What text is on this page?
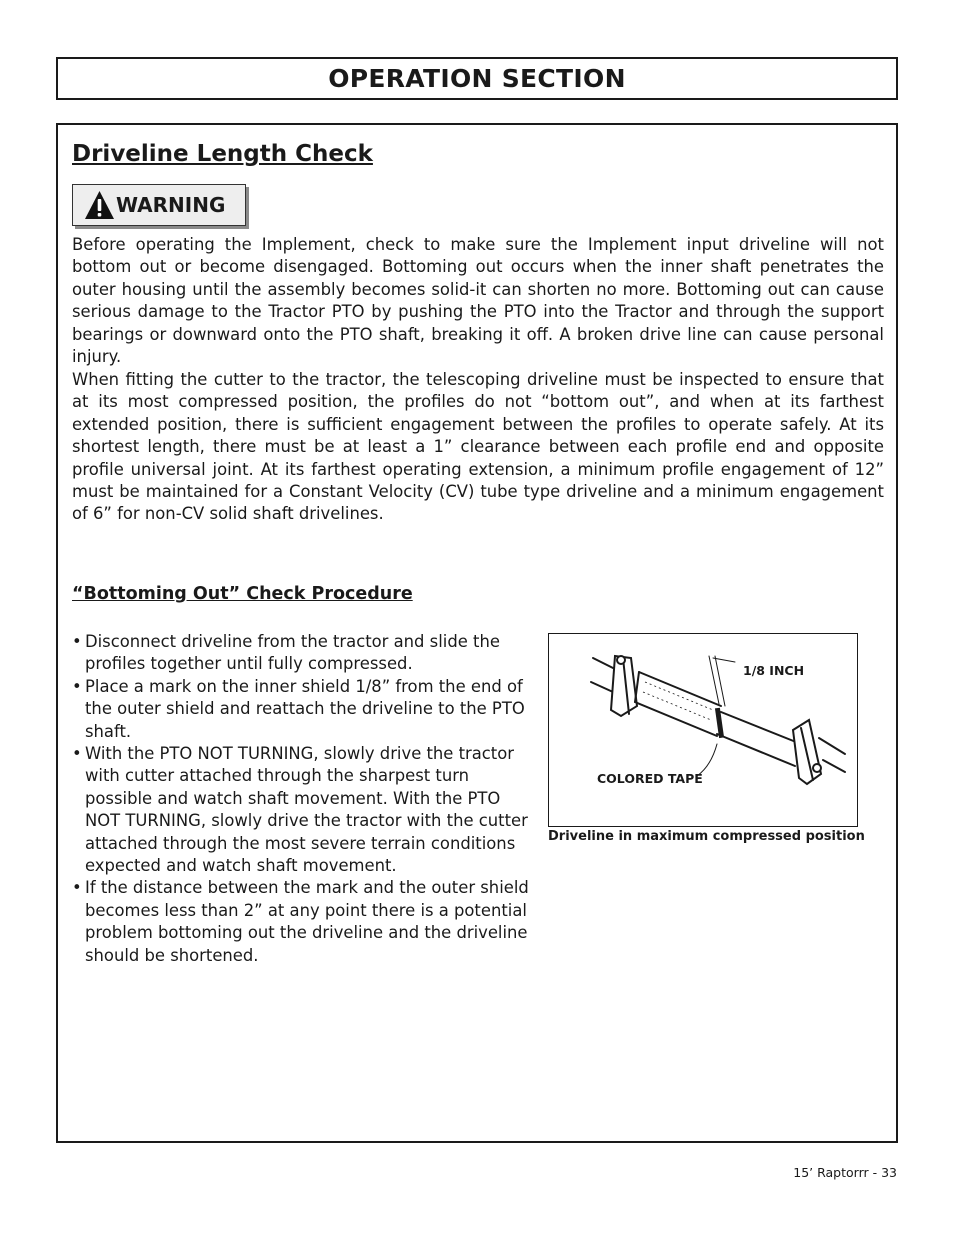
OPERATION SECTION
Driveline Length Check
WARNING

Before operating the Implement, check to make sure the Implement input driveline will not bottom out or become disengaged. Bottoming out occurs when the inner shaft penetrates the outer housing until the assembly becomes solid-it can shorten no more. Bottoming out can cause serious damage to the Tractor PTO by pushing the PTO into the Tractor and through the support bearings or downward onto the PTO shaft, breaking it off. A broken drive line can cause personal injury.

When fitting the cutter to the tractor, the telescoping driveline must be inspected to ensure that at its most compressed position, the profiles do not “bottom out”, and when at its farthest extended position, there is sufficient engagement between the profiles to operate safely. At its shortest length, there must be at least a 1” clearance between each profile end and opposite profile universal joint. At its farthest operating extension, a minimum profile engagement of 12” must be maintained for a Constant Velocity (CV) tube type driveline and a minimum engagement of 6” for non-CV solid shaft drivelines.

“Bottoming Out” Check Procedure
• Disconnect driveline from the tractor and slide the profiles together until fully compressed.
• Place a mark on the inner shield 1/8” from the end of the outer shield and reattach the driveline to the PTO shaft.
• With the PTO NOT TURNING, slowly drive the tractor with cutter attached through the sharpest turn possible and watch shaft movement. With the PTO NOT TURNING, slowly drive the tractor with the cutter attached through the most severe terrain conditions expected and watch shaft movement.
• If the distance between the mark and the outer shield becomes less than 2” at any point there is a potential problem bottoming out the driveline and the driveline should be shortened.
1/8 INCH
COLORED TAPE
Driveline in maximum compressed position
15’ Raptorrr - 33
